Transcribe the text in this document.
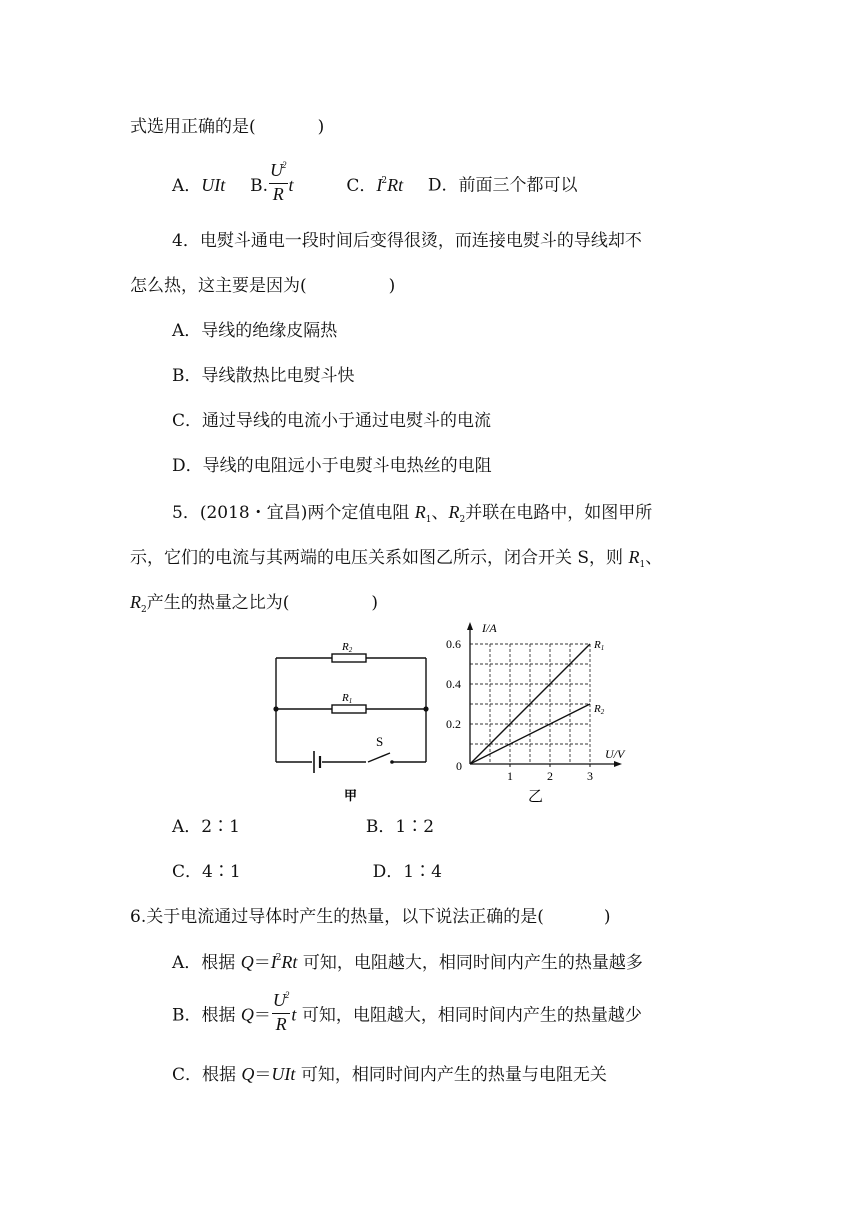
式选用正确的是(	)
A．UIt B. $\frac{U^2}{R}$ t	C．$I^2Rt$ D．前面三个都可以
4．电熨斗通电一段时间后变得很烫，而连接电熨斗的导线却不
怎么热，这主要是因为(	)
A．导线的绝缘皮隔热
B．导线散热比电熨斗快
C．通过导线的电流小于通过电熨斗的电流
D．导线的电阻远小于电熨斗电热丝的电阻
5．(2018・宜昌)两个定值电阻 $R_1$、$R_2$并联在电路中，如图甲所
示，它们的电流与其两端的电压关系如图乙所示，闭合开关 S，则 $R_1$、
$R_2$产生的热量之比为(	)
R2
R1
S
甲
R1
R2
1	2	3
0.2
0.4
0.6
I/A
U/V
0
乙
A．2∶1	B．1∶2
C．4∶1	D．1∶4
6.关于电流通过导体时产生的热量，以下说法正确的是(	)
A．根据 $Q=I^2Rt$ 可知，电阻越大，相同时间内产生的热量越多
B．根据 $Q= \frac{U^2}{R}$ t 可知，电阻越大，相同时间内产生的热量越少
C．根据 Q＝UIt 可知，相同时间内产生的热量与电阻无关
